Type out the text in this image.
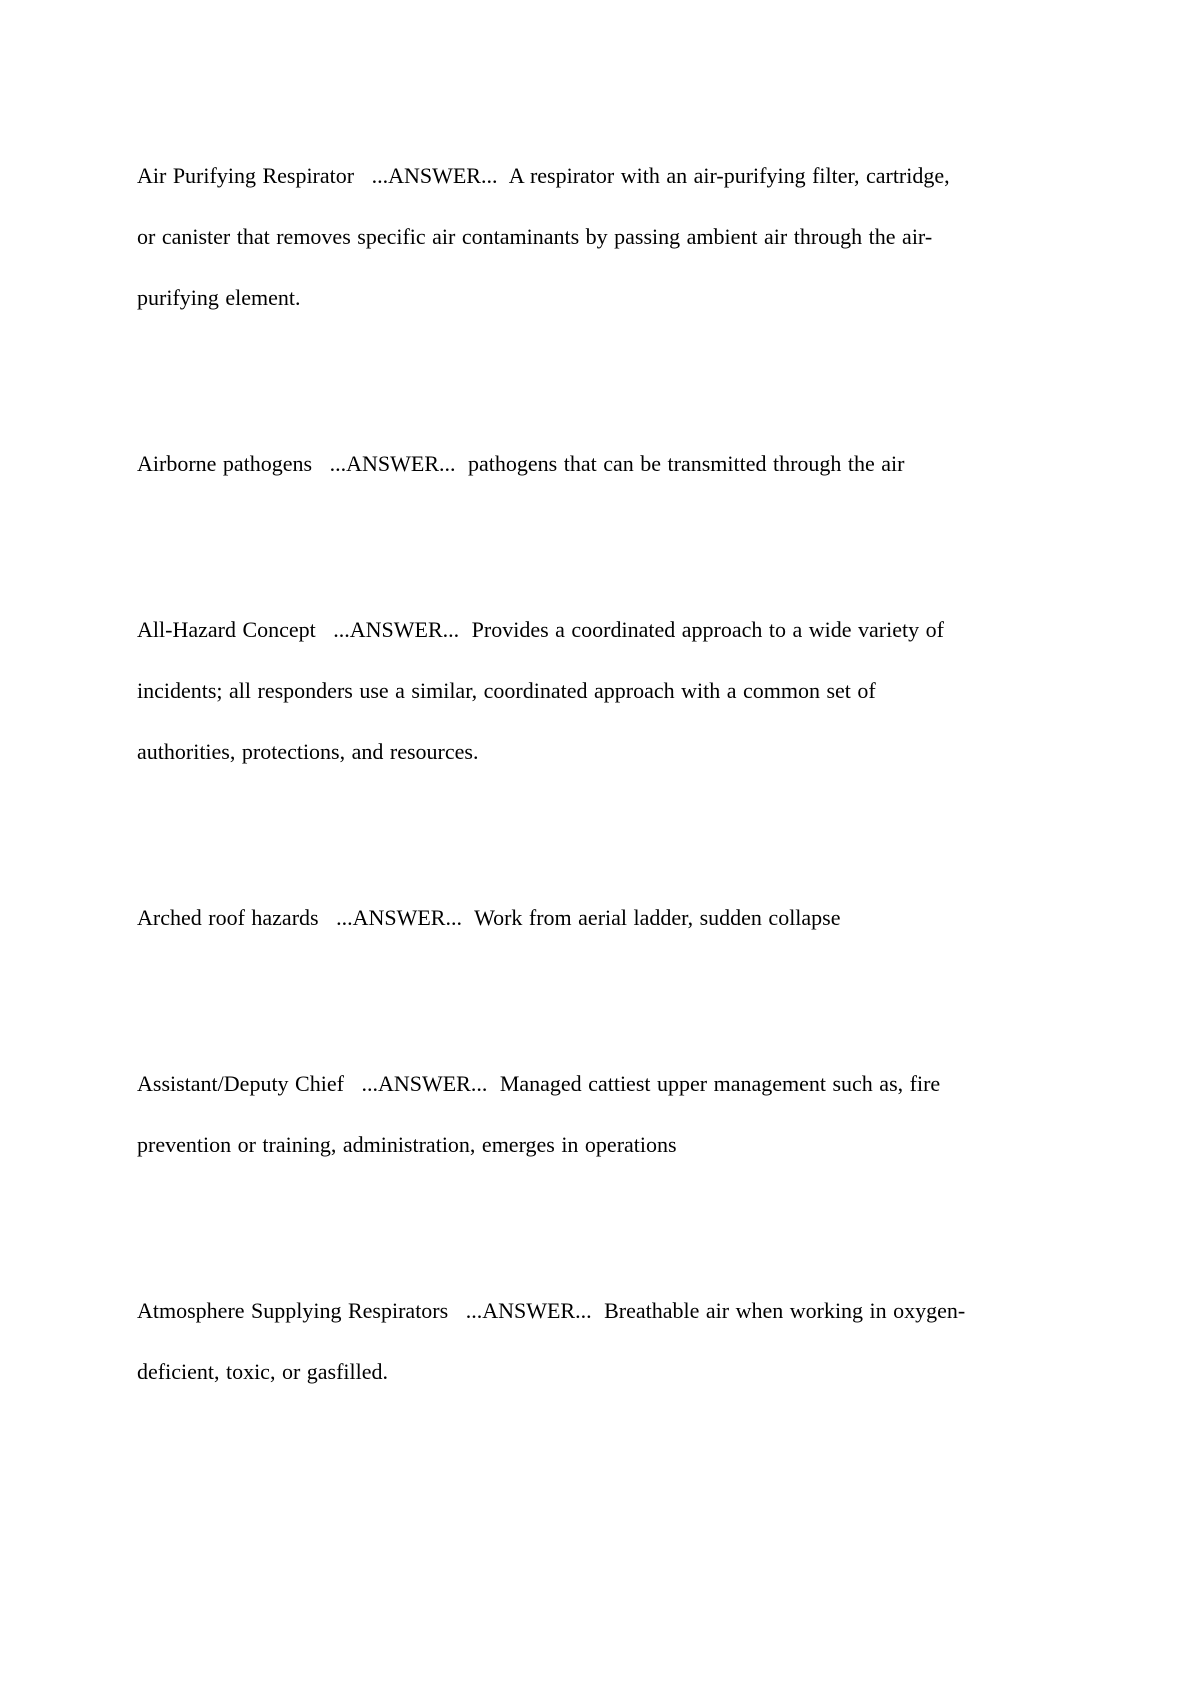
Air Purifying Respirator ...ANSWER... A respirator with an air-purifying filter, cartridge, or canister that removes specific air contaminants by passing ambient air through the air-purifying element.

Airborne pathogens ...ANSWER... pathogens that can be transmitted through the air

All-Hazard Concept ...ANSWER... Provides a coordinated approach to a wide variety of incidents; all responders use a similar, coordinated approach with a common set of authorities, protections, and resources.

Arched roof hazards ...ANSWER... Work from aerial ladder, sudden collapse

Assistant/Deputy Chief ...ANSWER... Managed cattiest upper management such as, fire prevention or training, administration, emerges in operations

Atmosphere Supplying Respirators ...ANSWER... Breathable air when working in oxygen-deficient, toxic, or gasfilled.
